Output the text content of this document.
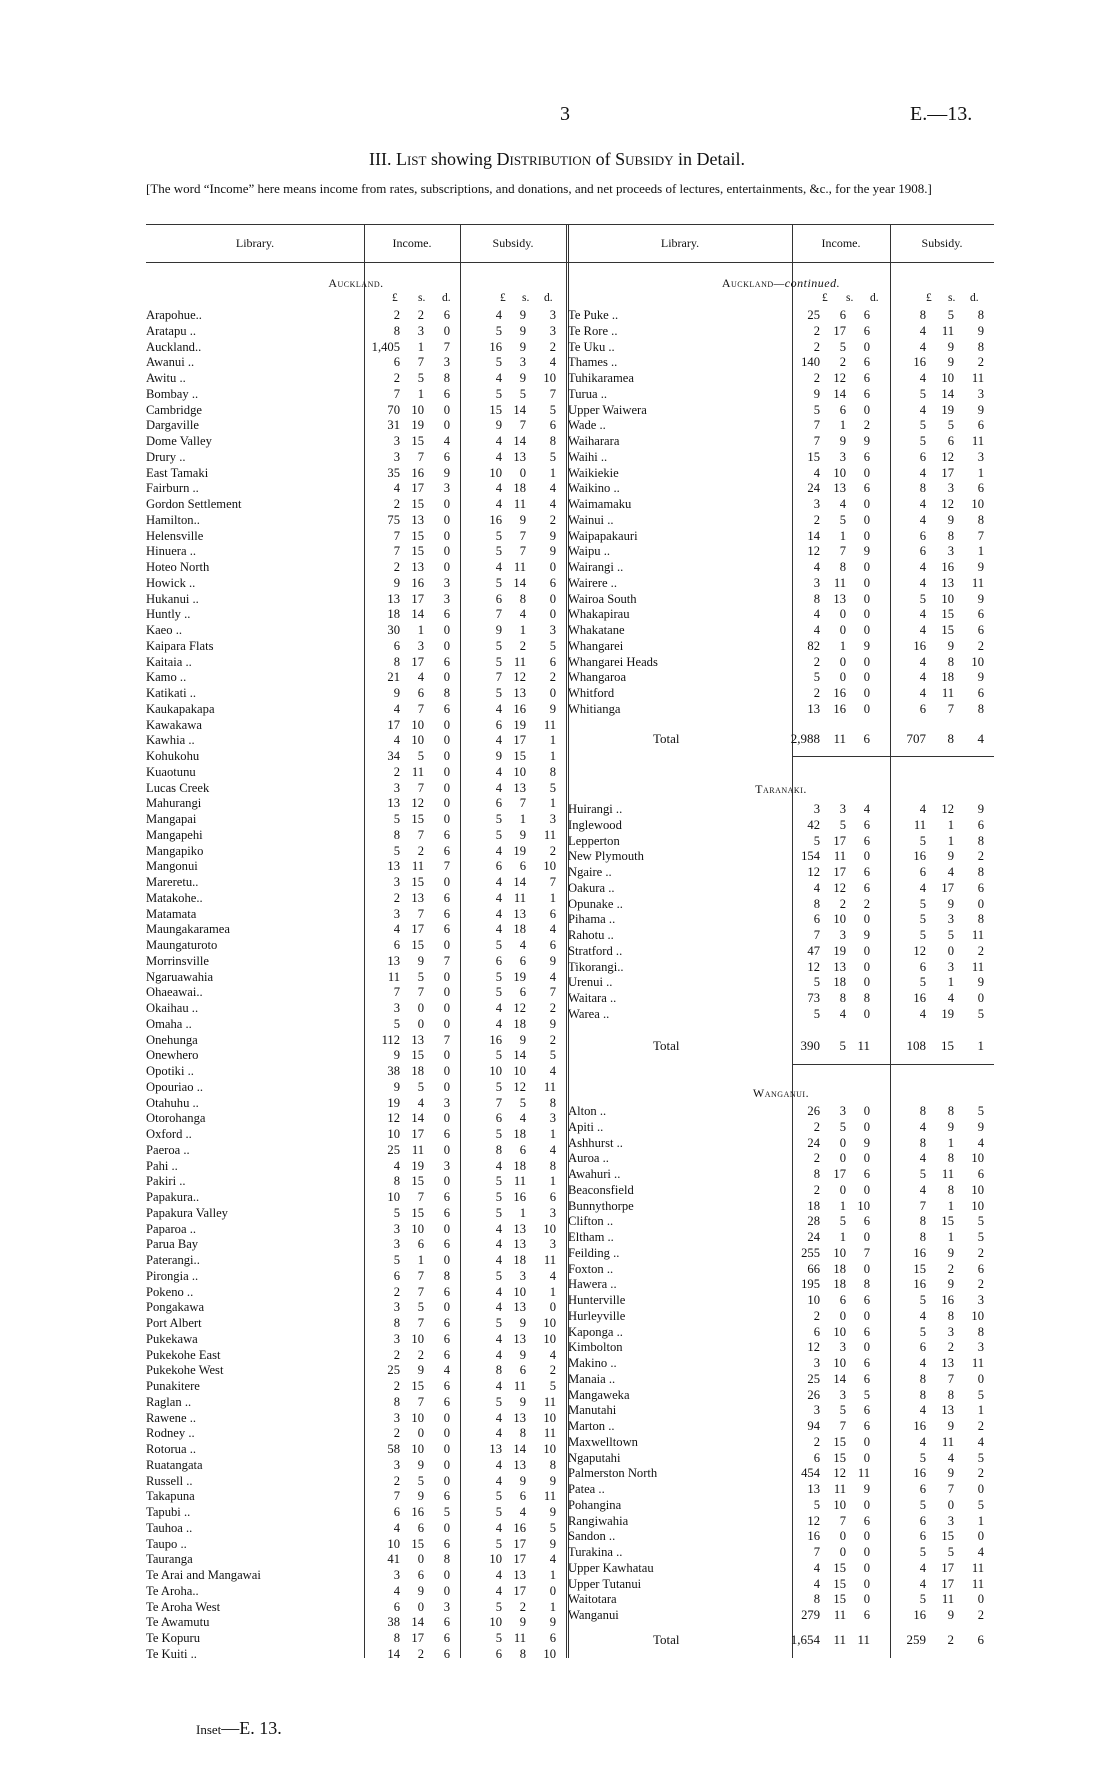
3	E.—13.
III. List showing Distribution of Subsidy in Detail.
[The word “Income” here means income from rates, subscriptions, and donations, and net proceeds of lectures, entertainments, &c., for the year 1908.]
Library.	Income.	Subsidy.	Library.	Income.	Subsidy.
Auckland.	Auckland—continued.
Taranaki.
Wanganui.
£ s. d.	£ s. d.	£ s. d.	£ s. d.
Arapohue..	2 2 6	4 9 3
Aratapu ..	8 3 0	5 9 3
Auckland..	1,405 1 7	16 9 2
Awanui ..	6 7 3	5 3 4
Awitu ..	2 5 8	4 9 10
Bombay ..	7 1 6	5 5 7
Cambridge	70 10 0	15 14 5
Dargaville	31 19 0	9 7 6
Dome Valley	3 15 4	4 14 8
Drury ..	3 7 6	4 13 5
East Tamaki	35 16 9	10 0 1
Fairburn ..	4 17 3	4 18 4
Gordon Settlement	2 15 0	4 11 4
Hamilton..	75 13 0	16 9 2
Helensville	7 15 0	5 7 9
Hinuera ..	7 15 0	5 7 9
Hoteo North	2 13 0	4 11 0
Howick ..	9 16 3	5 14 6
Hukanui ..	13 17 3	6 8 0
Huntly ..	18 14 6	7 4 0
Kaeo ..	30 1 0	9 1 3
Kaipara Flats	6 3 0	5 2 5
Kaitaia ..	8 17 6	5 11 6
Kamo ..	21 4 0	7 12 2
Katikati ..	9 6 8	5 13 0
Kaukapakapa	4 7 6	4 16 9
Kawakawa	17 10 0	6 19 11
Kawhia ..	4 10 0	4 17 1
Kohukohu	34 5 0	9 15 1
Kuaotunu	2 11 0	4 10 8
Lucas Creek	3 7 0	4 13 5
Mahurangi	13 12 0	6 7 1
Mangapai	5 15 0	5 1 3
Mangapehi	8 7 6	5 9 11
Mangapiko	5 2 6	4 19 2
Mangonui	13 11 7	6 6 10
Mareretu..	3 15 0	4 14 7
Matakohe..	2 13 6	4 11 1
Matamata	3 7 6	4 13 6
Maungakaramea	4 17 6	4 18 4
Maungaturoto	6 15 0	5 4 6
Morrinsville	13 9 7	6 6 9
Ngaruawahia	11 5 0	5 19 4
Ohaeawai..	7 7 0	5 6 7
Okaihau ..	3 0 0	4 12 2
Omaha ..	5 0 0	4 18 9
Onehunga	112 13 7	16 9 2
Onewhero	9 15 0	5 14 5
Opotiki ..	38 18 0	10 10 4
Opouriao ..	9 5 0	5 12 11
Otahuhu ..	19 4 3	7 5 8
Otorohanga	12 14 0	6 4 3
Oxford ..	10 17 6	5 18 1
Paeroa ..	25 11 0	8 6 4
Pahi ..	4 19 3	4 18 8
Pakiri ..	8 15 0	5 11 1
Papakura..	10 7 6	5 16 6
Papakura Valley	5 15 6	5 1 3
Paparoa ..	3 10 0	4 13 10
Parua Bay	3 6 6	4 13 3
Paterangi..	5 1 0	4 18 11
Pirongia ..	6 7 8	5 3 4
Pokeno ..	2 7 6	4 10 1
Pongakawa	3 5 0	4 13 0
Port Albert	8 7 6	5 9 10
Pukekawa	3 10 6	4 13 10
Pukekohe East	2 2 6	4 9 4
Pukekohe West	25 9 4	8 6 2
Punakitere	2 15 6	4 11 5
Raglan ..	8 7 6	5 9 11
Rawene ..	3 10 0	4 13 10
Rodney ..	2 0 0	4 8 11
Rotorua ..	58 10 0	13 14 10
Ruatangata	3 9 0	4 13 8
Russell ..	2 5 0	4 9 9
Takapuna	7 9 6	5 6 11
Tapubi ..	6 16 5	5 4 9
Tauhoa ..	4 6 0	4 16 5
Taupo ..	10 15 6	5 17 9
Tauranga	41 0 8	10 17 4
Te Arai and Mangawai	3 6 0	4 13 1
Te Aroha..	4 9 0	4 17 0
Te Aroha West	6 0 3	5 2 1
Te Awamutu	38 14 6	10 9 9
Te Kopuru	8 17 6	5 11 6
Te Kuiti ..	14 2 6	6 8 10
Te Puke ..	25 6 6	8 5 8
Te Rore ..	2 17 6	4 11 9
Te Uku ..	2 5 0	4 9 8
Thames ..	140 2 6	16 9 2
Tuhikaramea	2 12 6	4 10 11
Turua ..	9 14 6	5 14 3
Upper Waiwera	5 6 0	4 19 9
Wade ..	7 1 2	5 5 6
Waiharara	7 9 9	5 6 11
Waihi ..	15 3 6	6 12 3
Waikiekie	4 10 0	4 17 1
Waikino ..	24 13 6	8 3 6
Waimamaku	3 4 0	4 12 10
Wainui ..	2 5 0	4 9 8
Waipapakauri	14 1 0	6 8 7
Waipu ..	12 7 9	6 3 1
Wairangi ..	4 8 0	4 16 9
Wairere ..	3 11 0	4 13 11
Wairoa South	8 13 0	5 10 9
Whakapirau	4 0 0	4 15 6
Whakatane	4 0 0	4 15 6
Whangarei	82 1 9	16 9 2
Whangarei Heads	2 0 0	4 8 10
Whangaroa	5 0 0	4 18 9
Whitford	2 16 0	4 11 6
Whitianga	13 16 0	6 7 8
Total	2,988 11 6	707 8 4
Huirangi ..	3 3 4	4 12 9
Inglewood	42 5 6	11 1 6
Lepperton	5 17 6	5 1 8
New Plymouth	154 11 0	16 9 2
Ngaire ..	12 17 6	6 4 8
Oakura ..	4 12 6	4 17 6
Opunake ..	8 2 2	5 9 0
Pihama ..	6 10 0	5 3 8
Rahotu ..	7 3 9	5 5 11
Stratford ..	47 19 0	12 0 2
Tikorangi..	12 13 0	6 3 11
Urenui ..	5 18 0	5 1 9
Waitara ..	73 8 8	16 4 0
Warea ..	5 4 0	4 19 5
Total	390 5 11	108 15 1
Alton ..	26 3 0	8 8 5
Apiti ..	2 5 0	4 9 9
Ashhurst ..	24 0 9	8 1 4
Auroa ..	2 0 0	4 8 10
Awahuri ..	8 17 6	5 11 6
Beaconsfield	2 0 0	4 8 10
Bunnythorpe	18 1 10	7 1 10
Clifton ..	28 5 6	8 15 5
Eltham ..	24 1 0	8 1 5
Feilding ..	255 10 7	16 9 2
Foxton ..	66 18 0	15 2 6
Hawera ..	195 18 8	16 9 2
Hunterville	10 6 6	5 16 3
Hurleyville	2 0 0	4 8 10
Kaponga ..	6 10 6	5 3 8
Kimbolton	12 3 0	6 2 3
Makino ..	3 10 6	4 13 11
Manaia ..	25 14 6	8 7 0
Mangaweka	26 3 5	8 8 5
Manutahi	3 5 6	4 13 1
Marton ..	94 7 6	16 9 2
Maxwelltown	2 15 0	4 11 4
Ngaputahi	6 15 0	5 4 5
Palmerston North	454 12 11	16 9 2
Patea ..	13 11 9	6 7 0
Pohangina	5 10 0	5 0 5
Rangiwahia	12 7 6	6 3 1
Sandon ..	16 0 0	6 15 0
Turakina ..	7 0 0	5 5 4
Upper Kawhatau	4 15 0	4 17 11
Upper Tutanui	4 15 0	4 17 11
Waitotara	8 15 0	5 11 0
Wanganui	279 11 6	16 9 2
Total	1,654 11 11	259 2 6
Inset—E. 13.
